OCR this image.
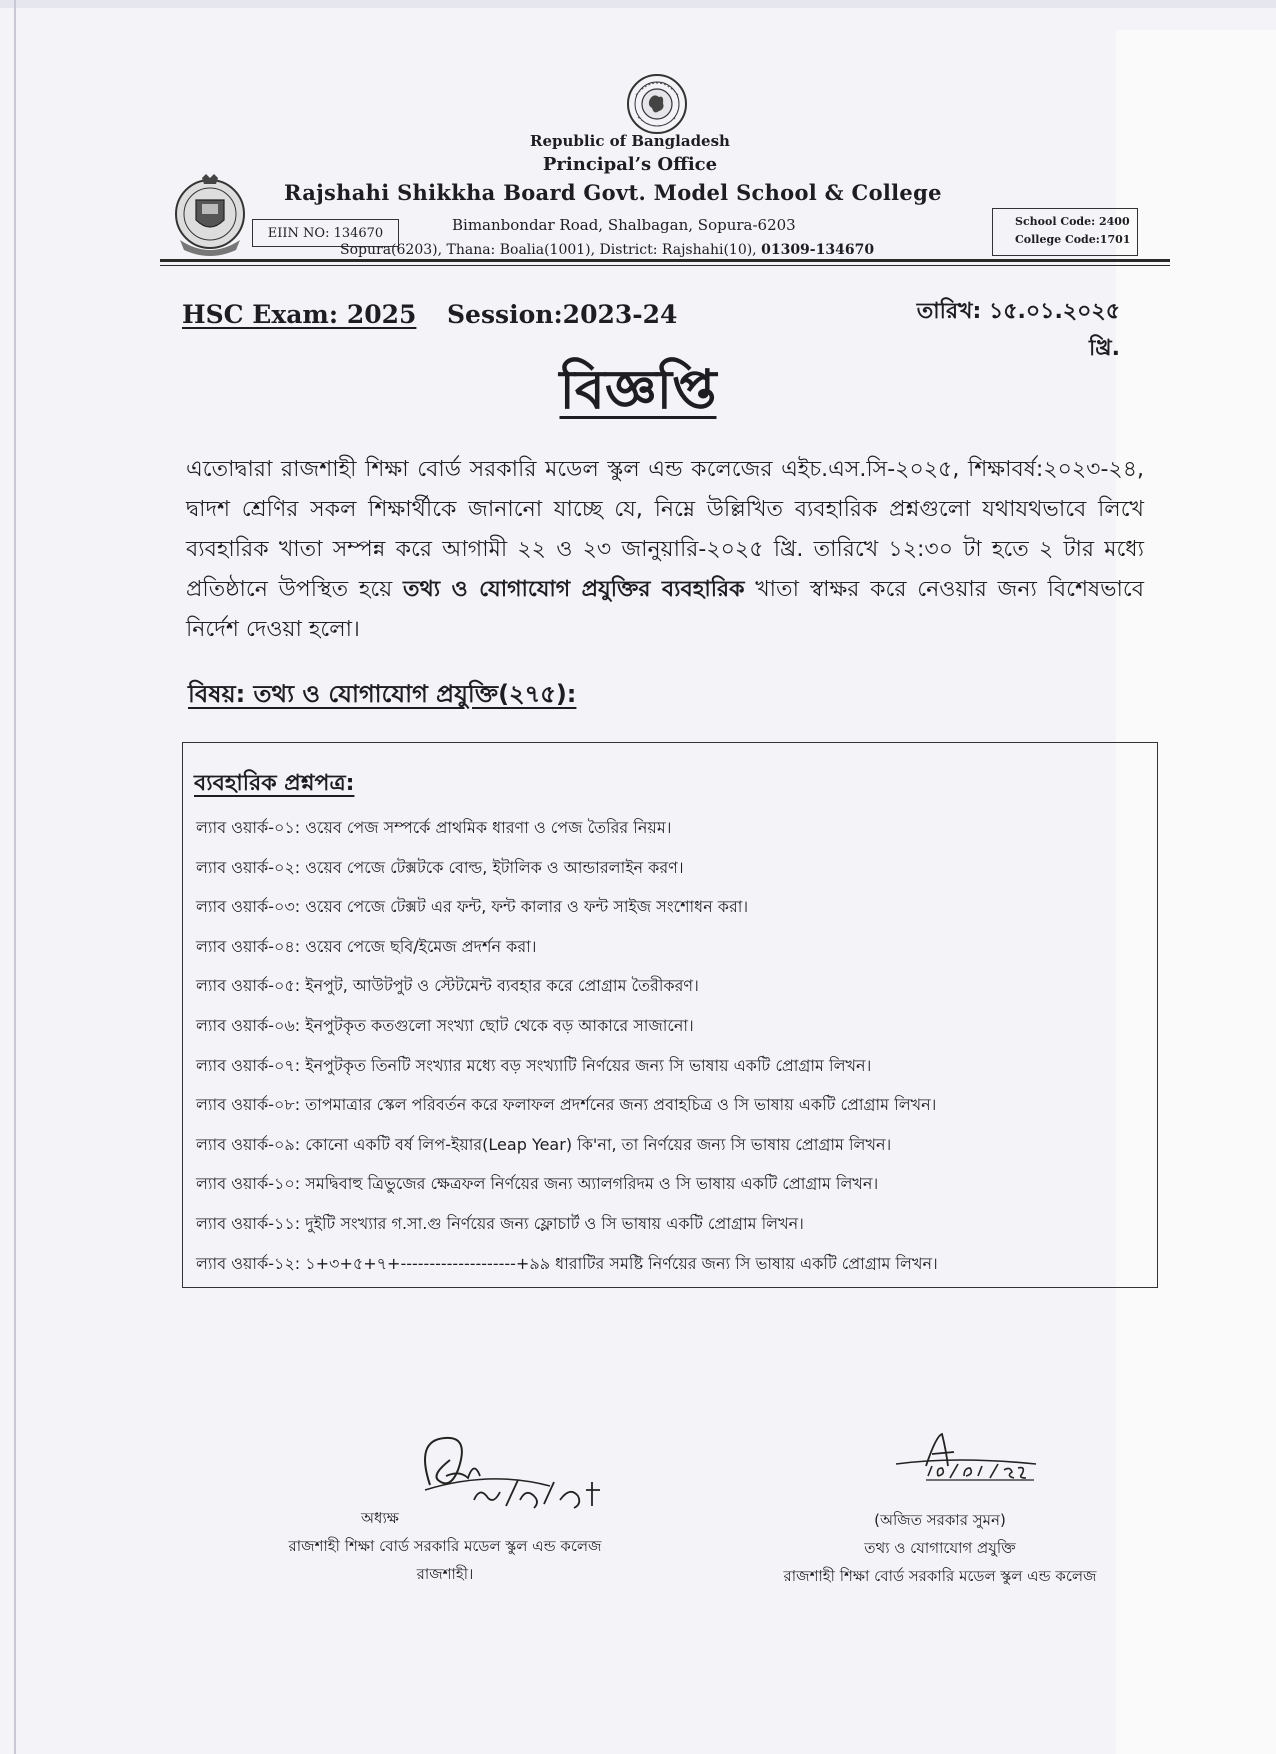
Republic of Bangladesh
Principal’s Office
Rajshahi Shikkha Board Govt. Model School & College
EIIN NO: 134670	Bimanbondar Road, Shalbagan, Sopura-6203
Sopura(6203), Thana: Boalia(1001), District: Rajshahi(10), 01309-134670
School Code: 2400
College Code:1701
HSC Exam: 2025 Session:2023-24	তারিখ: ১৫.০১.২০২৫ খ্রি.
বিজ্ঞপ্তি
এতোদ্বারা রাজশাহী শিক্ষা বোর্ড সরকারি মডেল স্কুল এন্ড কলেজের এইচ.এস.সি-২০২৫, শিক্ষাবর্ষ:২০২৩-২৪, দ্বাদশ শ্রেণির সকল শিক্ষার্থীকে জানানো যাচ্ছে যে, নিম্নে উল্লিখিত ব্যবহারিক প্রশ্নগুলো যথাযথভাবে লিখে ব্যবহারিক খাতা সম্পন্ন করে আগামী ২২ ও ২৩ জানুয়ারি-২০২৫ খ্রি. তারিখে ১২:৩০ টা হতে ২ টার মধ্যে প্রতিষ্ঠানে উপস্থিত হয়ে তথ্য ও যোগাযোগ প্রযুক্তির ব্যবহারিক খাতা স্বাক্ষর করে নেওয়ার জন্য বিশেষভাবে নির্দেশ দেওয়া হলো।
বিষয়: তথ্য ও যোগাযোগ প্রযুক্তি(২৭৫):
ব্যবহারিক প্রশ্নপত্র:
ল্যাব ওয়ার্ক-০১: ওয়েব পেজ সম্পর্কে প্রাথমিক ধারণা ও পেজ তৈরির নিয়ম।
ল্যাব ওয়ার্ক-০২: ওয়েব পেজে টেক্সটকে বোল্ড, ইটালিক ও আন্ডারলাইন করণ।
ল্যাব ওয়ার্ক-০৩: ওয়েব পেজে টেক্সট এর ফন্ট, ফন্ট কালার ও ফন্ট সাইজ সংশোধন করা।
ল্যাব ওয়ার্ক-০৪: ওয়েব পেজে ছবি/ইমেজ প্রদর্শন করা।
ল্যাব ওয়ার্ক-০৫: ইনপুট, আউটপুট ও স্টেটমেন্ট ব্যবহার করে প্রোগ্রাম তৈরীকরণ।
ল্যাব ওয়ার্ক-০৬: ইনপুটকৃত কতগুলো সংখ্যা ছোট থেকে বড় আকারে সাজানো।
ল্যাব ওয়ার্ক-০৭: ইনপুটকৃত তিনটি সংখ্যার মধ্যে বড় সংখ্যাটি নির্ণয়ের জন্য সি ভাষায় একটি প্রোগ্রাম লিখন।
ল্যাব ওয়ার্ক-০৮: তাপমাত্রার স্কেল পরিবর্তন করে ফলাফল প্রদর্শনের জন্য প্রবাহচিত্র ও সি ভাষায় একটি প্রোগ্রাম লিখন।
ল্যাব ওয়ার্ক-০৯: কোনো একটি বর্ষ লিপ-ইয়ার(Leap Year) কি'না, তা নির্ণয়ের জন্য সি ভাষায় প্রোগ্রাম লিখন।
ল্যাব ওয়ার্ক-১০: সমদ্বিবাহু ত্রিভুজের ক্ষেত্রফল নির্ণয়ের জন্য অ্যালগরিদম ও সি ভাষায় একটি প্রোগ্রাম লিখন।
ল্যাব ওয়ার্ক-১১: দুইটি সংখ্যার গ.সা.গু নির্ণয়ের জন্য ফ্লোচার্ট ও সি ভাষায় একটি প্রোগ্রাম লিখন।
ল্যাব ওয়ার্ক-১২: ১+৩+৫+৭+--------------------+৯৯ ধারাটির সমষ্টি নির্ণয়ের জন্য সি ভাষায় একটি প্রোগ্রাম লিখন।
অধ্যক্ষ
রাজশাহী শিক্ষা বোর্ড সরকারি মডেল স্কুল এন্ড কলেজ
রাজশাহী।
(অজিত সরকার সুমন)
তথ্য ও যোগাযোগ প্রযুক্তি
রাজশাহী শিক্ষা বোর্ড সরকারি মডেল স্কুল এন্ড কলেজ
